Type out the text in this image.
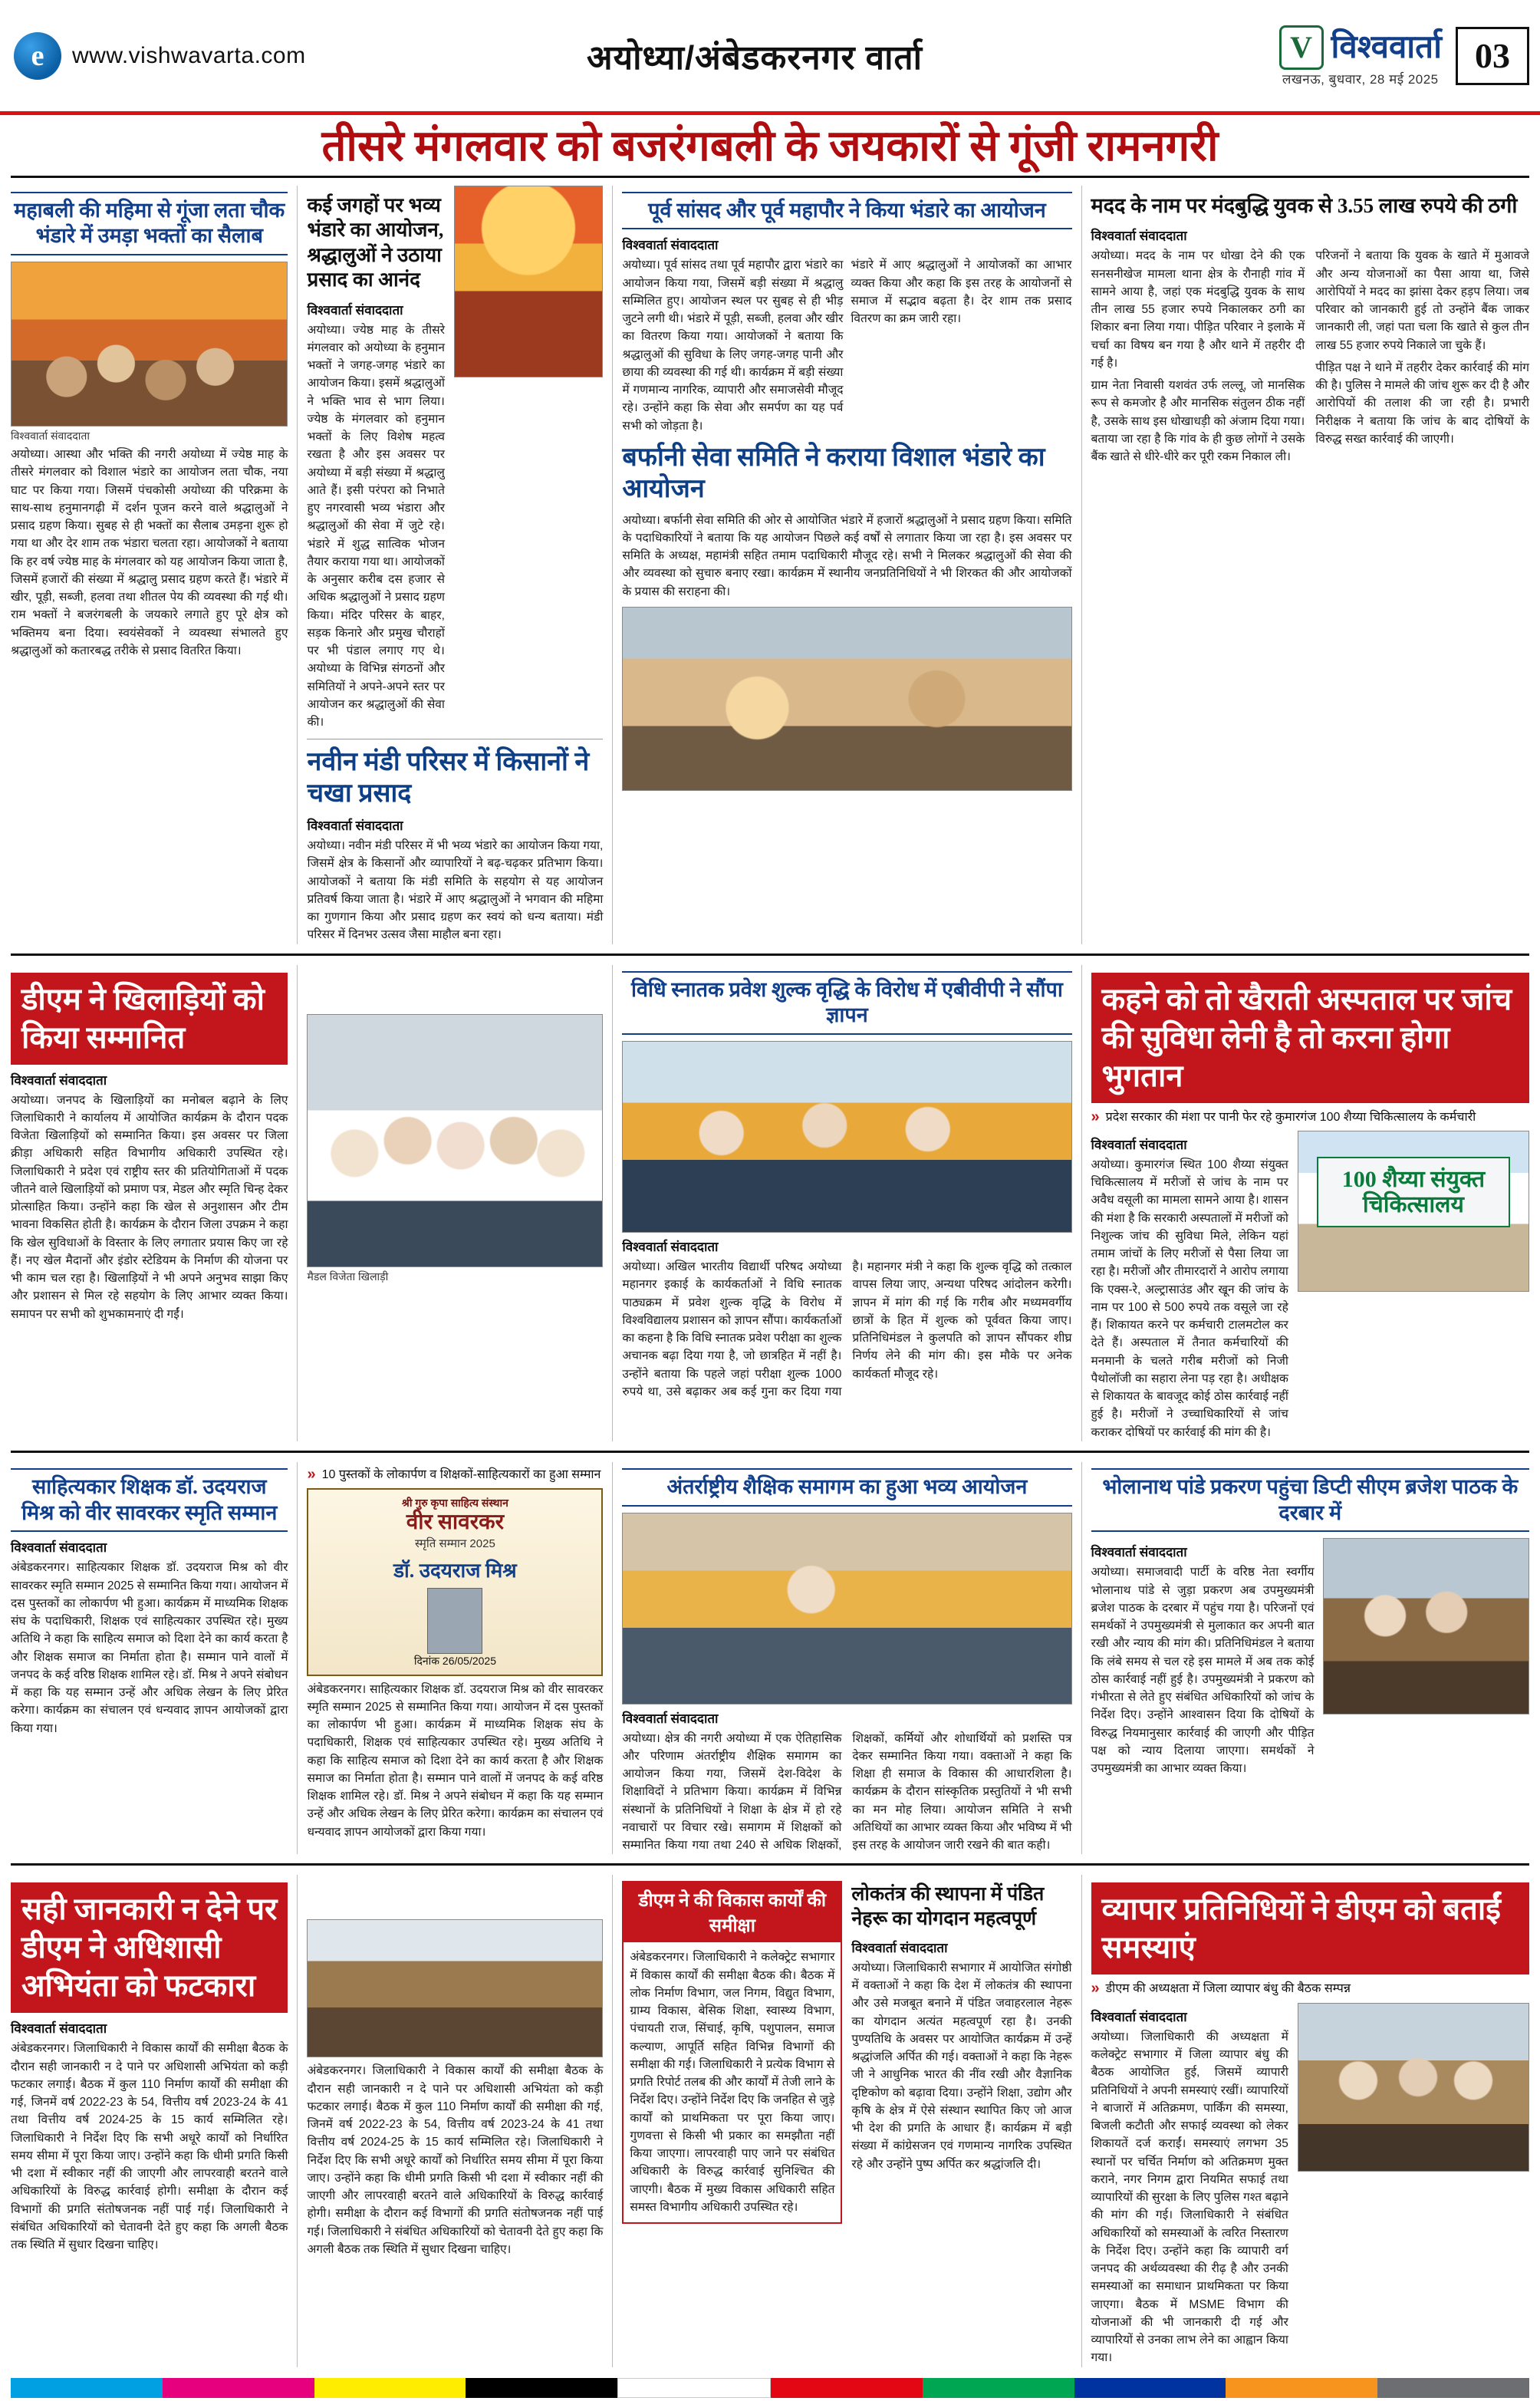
e	www.vishwavarta.com	अयोध्या/अंबेडकरनगर वार्ता	V विश्ववार्ता
लखनऊ, बुधवार, 28 मई 2025
03
तीसरे मंगलवार को बजरंगबली के जयकारों से गूंजी रामनगरी
महाबली की महिमा से गूंजा लता चौक भंडारे में उमड़ा भक्तों का सैलाब
विश्ववार्ता संवाददाता
अयोध्या। आस्था और भक्ति की नगरी अयोध्या में ज्येष्ठ माह के तीसरे मंगलवार को विशाल भंडारे का आयोजन लता चौक, नया घाट पर किया गया। जिसमें पंचकोसी अयोध्या की परिक्रमा के साथ-साथ हनुमानगढ़ी में दर्शन पूजन करने वाले श्रद्धालुओं ने प्रसाद ग्रहण किया। सुबह से ही भक्तों का सैलाब उमड़ना शुरू हो गया था और देर शाम तक भंडारा चलता रहा। आयोजकों ने बताया कि हर वर्ष ज्येष्ठ माह के मंगलवार को यह आयोजन किया जाता है, जिसमें हजारों की संख्या में श्रद्धालु प्रसाद ग्रहण करते हैं। भंडारे में खीर, पूड़ी, सब्जी, हलवा तथा शीतल पेय की व्यवस्था की गई थी। राम भक्तों ने बजरंगबली के जयकारे लगाते हुए पूरे क्षेत्र को भक्तिमय बना दिया। स्वयंसेवकों ने व्यवस्था संभालते हुए श्रद्धालुओं को कतारबद्ध तरीके से प्रसाद वितरित किया।
कई जगहों पर भव्य भंडारे का आयोजन, श्रद्धालुओं ने उठाया प्रसाद का आनंद
विश्ववार्ता संवाददाता
अयोध्या। ज्येष्ठ माह के तीसरे मंगलवार को अयोध्या के हनुमान भक्तों ने जगह-जगह भंडारे का आयोजन किया। इसमें श्रद्धालुओं ने भक्ति भाव से भाग लिया। ज्येष्ठ के मंगलवार को हनुमान भक्तों के लिए विशेष महत्व रखता है और इस अवसर पर अयोध्या में बड़ी संख्या में श्रद्धालु आते हैं। इसी परंपरा को निभाते हुए नगरवासी भव्य भंडारा और श्रद्धालुओं की सेवा में जुटे रहे। भंडारे में शुद्ध सात्विक भोजन तैयार कराया गया था। आयोजकों के अनुसार करीब दस हजार से अधिक श्रद्धालुओं ने प्रसाद ग्रहण किया। मंदिर परिसर के बाहर, सड़क किनारे और प्रमुख चौराहों पर भी पंडाल लगाए गए थे। अयोध्या के विभिन्न संगठनों और समितियों ने अपने-अपने स्तर पर आयोजन कर श्रद्धालुओं की सेवा की।
नवीन मंडी परिसर में किसानों ने चखा प्रसाद
विश्ववार्ता संवाददाता
अयोध्या। नवीन मंडी परिसर में भी भव्य भंडारे का आयोजन किया गया, जिसमें क्षेत्र के किसानों और व्यापारियों ने बढ़-चढ़कर प्रतिभाग किया। आयोजकों ने बताया कि मंडी समिति के सहयोग से यह आयोजन प्रतिवर्ष किया जाता है। भंडारे में आए श्रद्धालुओं ने भगवान की महिमा का गुणगान किया और प्रसाद ग्रहण कर स्वयं को धन्य बताया। मंडी परिसर में दिनभर उत्सव जैसा माहौल बना रहा।
पूर्व सांसद और पूर्व महापौर ने किया भंडारे का आयोजन
विश्ववार्ता संवाददाता
अयोध्या। पूर्व सांसद तथा पूर्व महापौर द्वारा भंडारे का आयोजन किया गया, जिसमें बड़ी संख्या में श्रद्धालु सम्मिलित हुए। आयोजन स्थल पर सुबह से ही भीड़ जुटने लगी थी। भंडारे में पूड़ी, सब्जी, हलवा और खीर का वितरण किया गया। आयोजकों ने बताया कि श्रद्धालुओं की सुविधा के लिए जगह-जगह पानी और छाया की व्यवस्था की गई थी। कार्यक्रम में बड़ी संख्या में गणमान्य नागरिक, व्यापारी और समाजसेवी मौजूद रहे। उन्होंने कहा कि सेवा और समर्पण का यह पर्व सभी को जोड़ता है।
भंडारे में आए श्रद्धालुओं ने आयोजकों का आभार व्यक्त किया और कहा कि इस तरह के आयोजनों से समाज में सद्भाव बढ़ता है। देर शाम तक प्रसाद वितरण का क्रम जारी रहा।
बर्फानी सेवा समिति ने कराया विशाल भंडारे का आयोजन
अयोध्या। बर्फानी सेवा समिति की ओर से आयोजित भंडारे में हजारों श्रद्धालुओं ने प्रसाद ग्रहण किया। समिति के पदाधिकारियों ने बताया कि यह आयोजन पिछले कई वर्षों से लगातार किया जा रहा है। इस अवसर पर समिति के अध्यक्ष, महामंत्री सहित तमाम पदाधिकारी मौजूद रहे। सभी ने मिलकर श्रद्धालुओं की सेवा की और व्यवस्था को सुचारु बनाए रखा। कार्यक्रम में स्थानीय जनप्रतिनिधियों ने भी शिरकत की और आयोजकों के प्रयास की सराहना की।
मदद के नाम पर मंदबुद्धि युवक से 3.55 लाख रुपये की ठगी
विश्ववार्ता संवाददाता
अयोध्या। मदद के नाम पर धोखा देने की एक सनसनीखेज मामला थाना क्षेत्र के रौनाही गांव में सामने आया है, जहां एक मंदबुद्धि युवक के साथ तीन लाख 55 हजार रुपये निकालकर ठगी का शिकार बना लिया गया। पीड़ित परिवार ने इलाके में चर्चा का विषय बन गया है और थाने में तहरीर दी गई है।
ग्राम नेता निवासी यशवंत उर्फ लल्लू, जो मानसिक रूप से कमजोर है और मानसिक संतुलन ठीक नहीं है, उसके साथ इस धोखाधड़ी को अंजाम दिया गया। बताया जा रहा है कि गांव के ही कुछ लोगों ने उसके बैंक खाते से धीरे-धीरे कर पूरी रकम निकाल ली।
परिजनों ने बताया कि युवक के खाते में मुआवजे और अन्य योजनाओं का पैसा आया था, जिसे आरोपियों ने मदद का झांसा देकर हड़प लिया। जब परिवार को जानकारी हुई तो उन्होंने बैंक जाकर जानकारी ली, जहां पता चला कि खाते से कुल तीन लाख 55 हजार रुपये निकाले जा चुके हैं।
पीड़ित पक्ष ने थाने में तहरीर देकर कार्रवाई की मांग की है। पुलिस ने मामले की जांच शुरू कर दी है और आरोपियों की तलाश की जा रही है। प्रभारी निरीक्षक ने बताया कि जांच के बाद दोषियों के विरुद्ध सख्त कार्रवाई की जाएगी।
डीएम ने खिलाड़ियों को किया सम्मानित
विश्ववार्ता संवाददाता
अयोध्या। जनपद के खिलाड़ियों का मनोबल बढ़ाने के लिए जिलाधिकारी ने कार्यालय में आयोजित कार्यक्रम के दौरान पदक विजेता खिलाड़ियों को सम्मानित किया। इस अवसर पर जिला क्रीड़ा अधिकारी सहित विभागीय अधिकारी उपस्थित रहे। जिलाधिकारी ने प्रदेश एवं राष्ट्रीय स्तर की प्रतियोगिताओं में पदक जीतने वाले खिलाड़ियों को प्रमाण पत्र, मेडल और स्मृति चिन्ह देकर प्रोत्साहित किया। उन्होंने कहा कि खेल से अनुशासन और टीम भावना विकसित होती है। कार्यक्रम के दौरान जिला उपक्रम ने कहा कि खेल सुविधाओं के विस्तार के लिए लगातार प्रयास किए जा रहे हैं। नए खेल मैदानों और इंडोर स्टेडियम के निर्माण की योजना पर भी काम चल रहा है। खिलाड़ियों ने भी अपने अनुभव साझा किए और प्रशासन से मिल रहे सहयोग के लिए आभार व्यक्त किया। समापन पर सभी को शुभकामनाएं दी गईं।
मैडल विजेता खिलाड़ी
विधि स्नातक प्रवेश शुल्क वृद्धि के विरोध में एबीवीपी ने सौंपा ज्ञापन
विश्ववार्ता संवाददाता
अयोध्या। अखिल भारतीय विद्यार्थी परिषद अयोध्या महानगर इकाई के कार्यकर्ताओं ने विधि स्नातक पाठ्यक्रम में प्रवेश शुल्क वृद्धि के विरोध में विश्वविद्यालय प्रशासन को ज्ञापन सौंपा। कार्यकर्ताओं का कहना है कि विधि स्नातक प्रवेश परीक्षा का शुल्क अचानक बढ़ा दिया गया है, जो छात्रहित में नहीं है। उन्होंने बताया कि पहले जहां परीक्षा शुल्क 1000 रुपये था, उसे बढ़ाकर अब कई गुना कर दिया गया है। महानगर मंत्री ने कहा कि शुल्क वृद्धि को तत्काल वापस लिया जाए, अन्यथा परिषद आंदोलन करेगी। ज्ञापन में मांग की गई कि गरीब और मध्यमवर्गीय छात्रों के हित में शुल्क को पूर्ववत किया जाए। प्रतिनिधिमंडल ने कुलपति को ज्ञापन सौंपकर शीघ्र निर्णय लेने की मांग की। इस मौके पर अनेक कार्यकर्ता मौजूद रहे।
कहने को तो खैराती अस्पताल पर जांच की सुविधा लेनी है तो करना होगा भुगतान
» प्रदेश सरकार की मंशा पर पानी फेर रहे कुमारगंज 100 शैय्या चिकित्सालय के कर्मचारी
विश्ववार्ता संवाददाता
अयोध्या। कुमारगंज स्थित 100 शैय्या संयुक्त चिकित्सालय में मरीजों से जांच के नाम पर अवैध वसूली का मामला सामने आया है। शासन की मंशा है कि सरकारी अस्पतालों में मरीजों को निशुल्क जांच की सुविधा मिले, लेकिन यहां तमाम जांचों के लिए मरीजों से पैसा लिया जा रहा है। मरीजों और तीमारदारों ने आरोप लगाया कि एक्स-रे, अल्ट्रासाउंड और खून की जांच के नाम पर 100 से 500 रुपये तक वसूले जा रहे हैं। शिकायत करने पर कर्मचारी टालमटोल कर देते हैं। अस्पताल में तैनात कर्मचारियों की मनमानी के चलते गरीब मरीजों को निजी पैथोलॉजी का सहारा लेना पड़ रहा है। अधीक्षक से शिकायत के बावजूद कोई ठोस कार्रवाई नहीं हुई है। मरीजों ने उच्चाधिकारियों से जांच कराकर दोषियों पर कार्रवाई की मांग की है।
100 शैय्या संयुक्त चिकित्सालय
साहित्यकार शिक्षक डॉ. उदयराज मिश्र को वीर सावरकर स्मृति सम्मान
विश्ववार्ता संवाददाता
अंबेडकरनगर। साहित्यकार शिक्षक डॉ. उदयराज मिश्र को वीर सावरकर स्मृति सम्मान 2025 से सम्मानित किया गया। आयोजन में दस पुस्तकों का लोकार्पण भी हुआ। कार्यक्रम में माध्यमिक शिक्षक संघ के पदाधिकारी, शिक्षक एवं साहित्यकार उपस्थित रहे। मुख्य अतिथि ने कहा कि साहित्य समाज को दिशा देने का कार्य करता है और शिक्षक समाज का निर्माता होता है। सम्मान पाने वालों में जनपद के कई वरिष्ठ शिक्षक शामिल रहे। डॉ. मिश्र ने अपने संबोधन में कहा कि यह सम्मान उन्हें और अधिक लेखन के लिए प्रेरित करेगा। कार्यक्रम का संचालन एवं धन्यवाद ज्ञापन आयोजकों द्वारा किया गया।
» 10 पुस्तकों के लोकार्पण व शिक्षकों-साहित्यकारों का हुआ सम्मान
श्री गुरु कृपा साहित्य संस्थान
वीर सावरकर
स्मृति सम्मान 2025
डॉ. उदयराज मिश्र
दिनांक 26/05/2025
अंबेडकरनगर। साहित्यकार शिक्षक डॉ. उदयराज मिश्र को वीर सावरकर स्मृति सम्मान 2025 से सम्मानित किया गया। आयोजन में दस पुस्तकों का लोकार्पण भी हुआ। कार्यक्रम में माध्यमिक शिक्षक संघ के पदाधिकारी, शिक्षक एवं साहित्यकार उपस्थित रहे। मुख्य अतिथि ने कहा कि साहित्य समाज को दिशा देने का कार्य करता है और शिक्षक समाज का निर्माता होता है। सम्मान पाने वालों में जनपद के कई वरिष्ठ शिक्षक शामिल रहे। डॉ. मिश्र ने अपने संबोधन में कहा कि यह सम्मान उन्हें और अधिक लेखन के लिए प्रेरित करेगा। कार्यक्रम का संचालन एवं धन्यवाद ज्ञापन आयोजकों द्वारा किया गया।
अंतर्राष्ट्रीय शैक्षिक समागम का हुआ भव्य आयोजन
विश्ववार्ता संवाददाता
अयोध्या। क्षेत्र की नगरी अयोध्या में एक ऐतिहासिक और परिणाम अंतर्राष्ट्रीय शैक्षिक समागम का आयोजन किया गया, जिसमें देश-विदेश के शिक्षाविदों ने प्रतिभाग किया। कार्यक्रम में विभिन्न संस्थानों के प्रतिनिधियों ने शिक्षा के क्षेत्र में हो रहे नवाचारों पर विचार रखे। समागम में शिक्षकों को सम्मानित किया गया तथा 240 से अधिक शिक्षकों, शिक्षकों, कर्मियों और शोधार्थियों को प्रशस्ति पत्र देकर सम्मानित किया गया। वक्ताओं ने कहा कि शिक्षा ही समाज के विकास की आधारशिला है। कार्यक्रम के दौरान सांस्कृतिक प्रस्तुतियों ने भी सभी का मन मोह लिया। आयोजन समिति ने सभी अतिथियों का आभार व्यक्त किया और भविष्य में भी इस तरह के आयोजन जारी रखने की बात कही।
भोलानाथ पांडे प्रकरण पहुंचा डिप्टी सीएम ब्रजेश पाठक के दरबार में
विश्ववार्ता संवाददाता
अयोध्या। समाजवादी पार्टी के वरिष्ठ नेता स्वर्गीय भोलानाथ पांडे से जुड़ा प्रकरण अब उपमुख्यमंत्री ब्रजेश पाठक के दरबार में पहुंच गया है। परिजनों एवं समर्थकों ने उपमुख्यमंत्री से मुलाकात कर अपनी बात रखी और न्याय की मांग की। प्रतिनिधिमंडल ने बताया कि लंबे समय से चल रहे इस मामले में अब तक कोई ठोस कार्रवाई नहीं हुई है। उपमुख्यमंत्री ने प्रकरण को गंभीरता से लेते हुए संबंधित अधिकारियों को जांच के निर्देश दिए। उन्होंने आश्वासन दिया कि दोषियों के विरुद्ध नियमानुसार कार्रवाई की जाएगी और पीड़ित पक्ष को न्याय दिलाया जाएगा। समर्थकों ने उपमुख्यमंत्री का आभार व्यक्त किया।
सही जानकारी न देने पर डीएम ने अधिशासी अभियंता को फटकारा
विश्ववार्ता संवाददाता
अंबेडकरनगर। जिलाधिकारी ने विकास कार्यों की समीक्षा बैठक के दौरान सही जानकारी न दे पाने पर अधिशासी अभियंता को कड़ी फटकार लगाई। बैठक में कुल 110 निर्माण कार्यों की समीक्षा की गई, जिनमें वर्ष 2022-23 के 54, वित्तीय वर्ष 2023-24 के 41 तथा वित्तीय वर्ष 2024-25 के 15 कार्य सम्मिलित रहे। जिलाधिकारी ने निर्देश दिए कि सभी अधूरे कार्यों को निर्धारित समय सीमा में पूरा किया जाए। उन्होंने कहा कि धीमी प्रगति किसी भी दशा में स्वीकार नहीं की जाएगी और लापरवाही बरतने वाले अधिकारियों के विरुद्ध कार्रवाई होगी। समीक्षा के दौरान कई विभागों की प्रगति संतोषजनक नहीं पाई गई। जिलाधिकारी ने संबंधित अधिकारियों को चेतावनी देते हुए कहा कि अगली बैठक तक स्थिति में सुधार दिखना चाहिए।
अंबेडकरनगर। जिलाधिकारी ने विकास कार्यों की समीक्षा बैठक के दौरान सही जानकारी न दे पाने पर अधिशासी अभियंता को कड़ी फटकार लगाई। बैठक में कुल 110 निर्माण कार्यों की समीक्षा की गई, जिनमें वर्ष 2022-23 के 54, वित्तीय वर्ष 2023-24 के 41 तथा वित्तीय वर्ष 2024-25 के 15 कार्य सम्मिलित रहे। जिलाधिकारी ने निर्देश दिए कि सभी अधूरे कार्यों को निर्धारित समय सीमा में पूरा किया जाए। उन्होंने कहा कि धीमी प्रगति किसी भी दशा में स्वीकार नहीं की जाएगी और लापरवाही बरतने वाले अधिकारियों के विरुद्ध कार्रवाई होगी। समीक्षा के दौरान कई विभागों की प्रगति संतोषजनक नहीं पाई गई। जिलाधिकारी ने संबंधित अधिकारियों को चेतावनी देते हुए कहा कि अगली बैठक तक स्थिति में सुधार दिखना चाहिए।
डीएम ने की विकास कार्यों की समीक्षा
अंबेडकरनगर। जिलाधिकारी ने कलेक्ट्रेट सभागार में विकास कार्यों की समीक्षा बैठक की। बैठक में लोक निर्माण विभाग, जल निगम, विद्युत विभाग, ग्राम्य विकास, बेसिक शिक्षा, स्वास्थ्य विभाग, पंचायती राज, सिंचाई, कृषि, पशुपालन, समाज कल्याण, आपूर्ति सहित विभिन्न विभागों की समीक्षा की गई। जिलाधिकारी ने प्रत्येक विभाग से प्रगति रिपोर्ट तलब की और कार्यों में तेजी लाने के निर्देश दिए। उन्होंने निर्देश दिए कि जनहित से जुड़े कार्यों को प्राथमिकता पर पूरा किया जाए। गुणवत्ता से किसी भी प्रकार का समझौता नहीं किया जाएगा। लापरवाही पाए जाने पर संबंधित अधिकारी के विरुद्ध कार्रवाई सुनिश्चित की जाएगी। बैठक में मुख्य विकास अधिकारी सहित समस्त विभागीय अधिकारी उपस्थित रहे।
लोकतंत्र की स्थापना में पंडित नेहरू का योगदान महत्वपूर्ण
विश्ववार्ता संवाददाता
अयोध्या। जिलाधिकारी सभागार में आयोजित संगोष्ठी में वक्ताओं ने कहा कि देश में लोकतंत्र की स्थापना और उसे मजबूत बनाने में पंडित जवाहरलाल नेहरू का योगदान अत्यंत महत्वपूर्ण रहा है। उनकी पुण्यतिथि के अवसर पर आयोजित कार्यक्रम में उन्हें श्रद्धांजलि अर्पित की गई। वक्ताओं ने कहा कि नेहरू जी ने आधुनिक भारत की नींव रखी और वैज्ञानिक दृष्टिकोण को बढ़ावा दिया। उन्होंने शिक्षा, उद्योग और कृषि के क्षेत्र में ऐसे संस्थान स्थापित किए जो आज भी देश की प्रगति के आधार हैं। कार्यक्रम में बड़ी संख्या में कांग्रेसजन एवं गणमान्य नागरिक उपस्थित रहे और उन्होंने पुष्प अर्पित कर श्रद्धांजलि दी।
व्यापार प्रतिनिधियों ने डीएम को बताईं समस्याएं
» डीएम की अध्यक्षता में जिला व्यापार बंधु की बैठक सम्पन्न
विश्ववार्ता संवाददाता
अयोध्या। जिलाधिकारी की अध्यक्षता में कलेक्ट्रेट सभागार में जिला व्यापार बंधु की बैठक आयोजित हुई, जिसमें व्यापारी प्रतिनिधियों ने अपनी समस्याएं रखीं। व्यापारियों ने बाजारों में अतिक्रमण, पार्किंग की समस्या, बिजली कटौती और सफाई व्यवस्था को लेकर शिकायतें दर्ज कराईं। समस्याएं लगभग 35 स्थानों पर चर्चित निर्माण को अतिक्रमण मुक्त कराने, नगर निगम द्वारा नियमित सफाई तथा व्यापारियों की सुरक्षा के लिए पुलिस गश्त बढ़ाने की मांग की गई। जिलाधिकारी ने संबंधित अधिकारियों को समस्याओं के त्वरित निस्तारण के निर्देश दिए। उन्होंने कहा कि व्यापारी वर्ग जनपद की अर्थव्यवस्था की रीढ़ है और उनकी समस्याओं का समाधान प्राथमिकता पर किया जाएगा। बैठक में MSME विभाग की योजनाओं की भी जानकारी दी गई और व्यापारियों से उनका लाभ लेने का आह्वान किया गया।
